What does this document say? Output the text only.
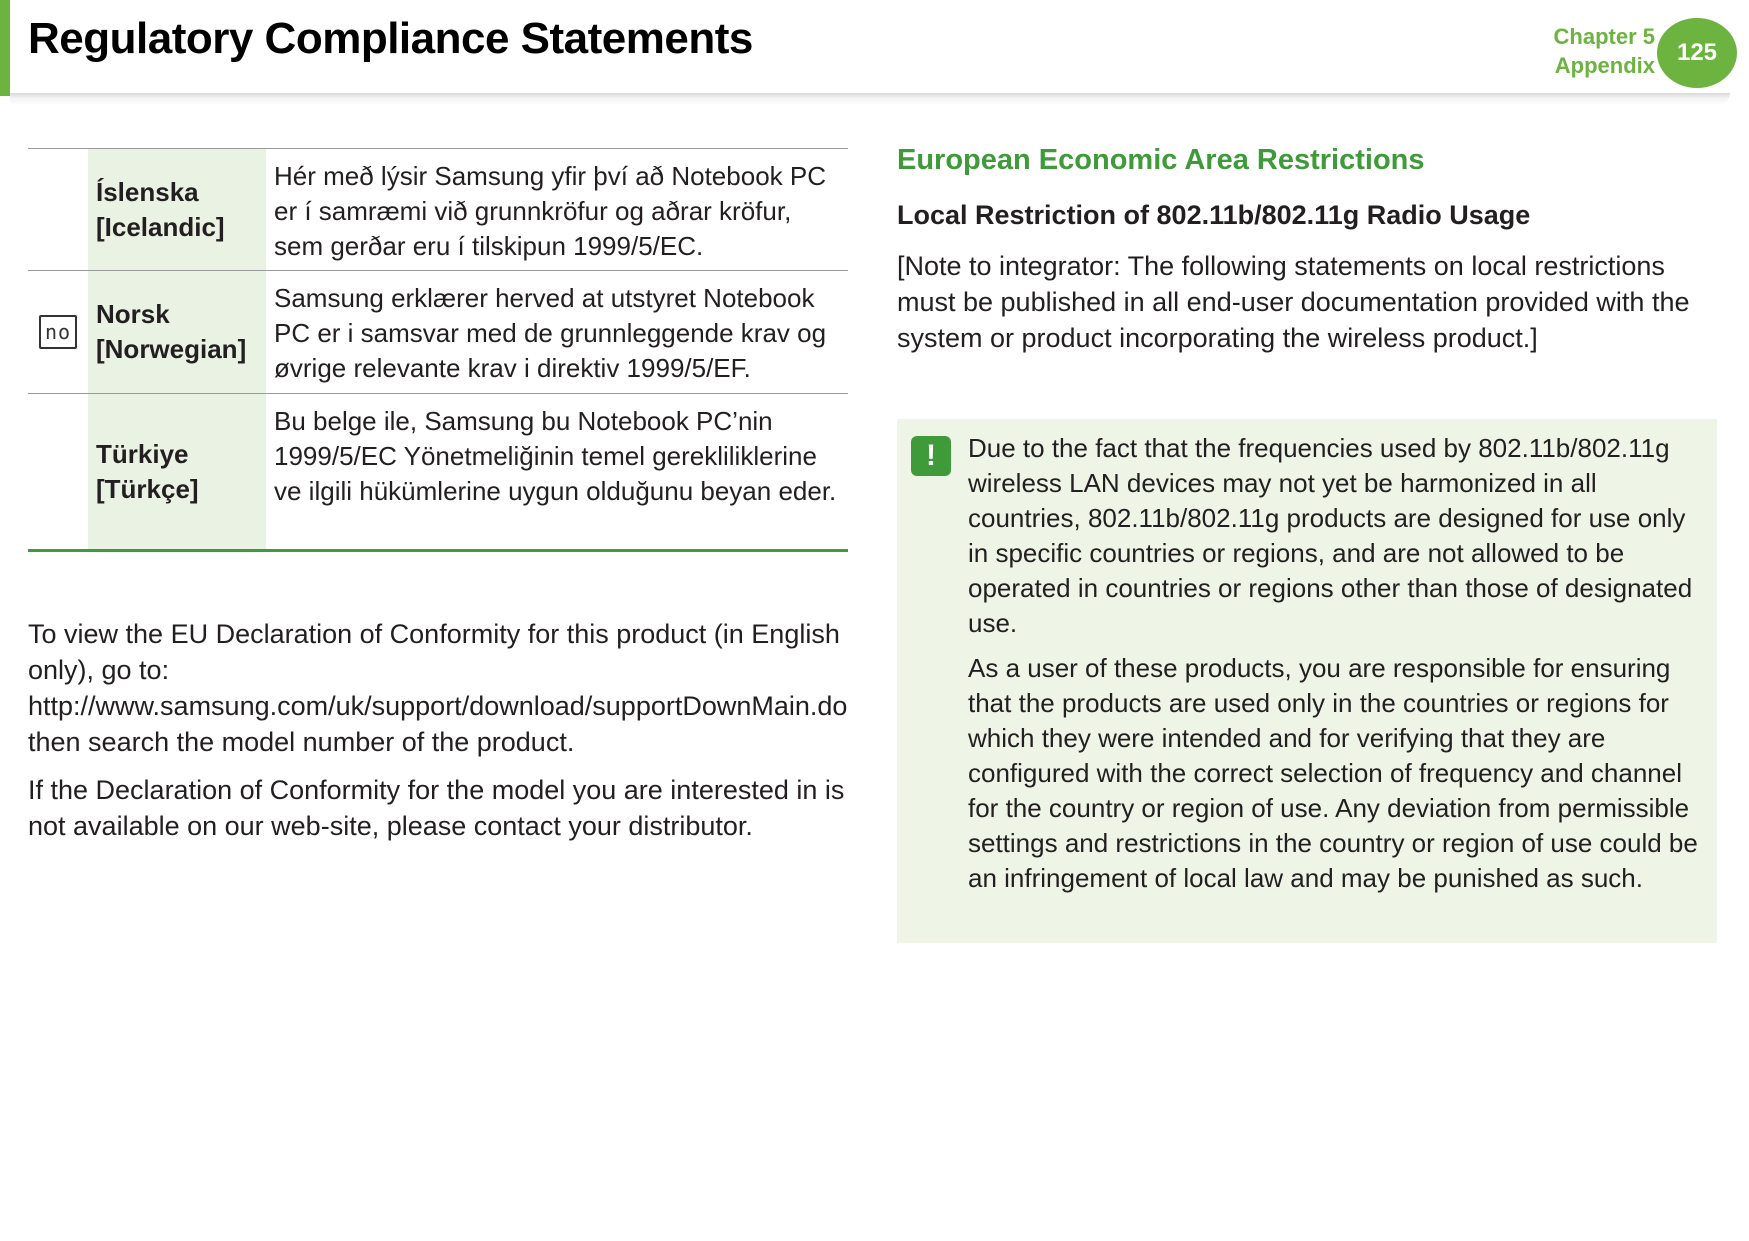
Regulatory Compliance Statements	Chapter 5
Appendix 125
Íslenska
[Icelandic]
Hér með lýsir Samsung yfir því að Notebook PC er í samræmi við grunnkröfur og aðrar kröfur, sem gerðar eru í tilskipun 1999/5/EC.
no
Norsk
[Norwegian]
Samsung erklærer herved at utstyret Notebook PC er i samsvar med de grunnleggende krav og øvrige relevante krav i direktiv 1999/5/EF.
Türkiye
[Türkçe]
Bu belge ile, Samsung bu Notebook PC’nin 1999/5/EC Yönetmeliğinin temel gerekliliklerine ve ilgili hükümlerine uygun olduğunu beyan eder.

To view the EU Declaration of Conformity for this product (in English only), go to: http://www.samsung.com/uk/support/download/supportDownMain.do then search the model number of the product.

If the Declaration of Conformity for the model you are interested in is not available on our web-site, please contact your distributor.

European Economic Area Restrictions
Local Restriction of 802.11b/802.11g Radio Usage

[Note to integrator: The following statements on local restrictions must be published in all end-user documentation provided with the system or product incorporating the wireless product.]

!	Due to the fact that the frequencies used by 802.11b/802.11g wireless LAN devices may not yet be harmonized in all countries, 802.11b/802.11g products are designed for use only in specific countries or regions, and are not allowed to be operated in countries or regions other than those of designated use.

As a user of these products, you are responsible for ensuring that the products are used only in the countries or regions for which they were intended and for verifying that they are configured with the correct selection of frequency and channel for the country or region of use. Any deviation from permissible settings and restrictions in the country or region of use could be an infringement of local law and may be punished as such.
